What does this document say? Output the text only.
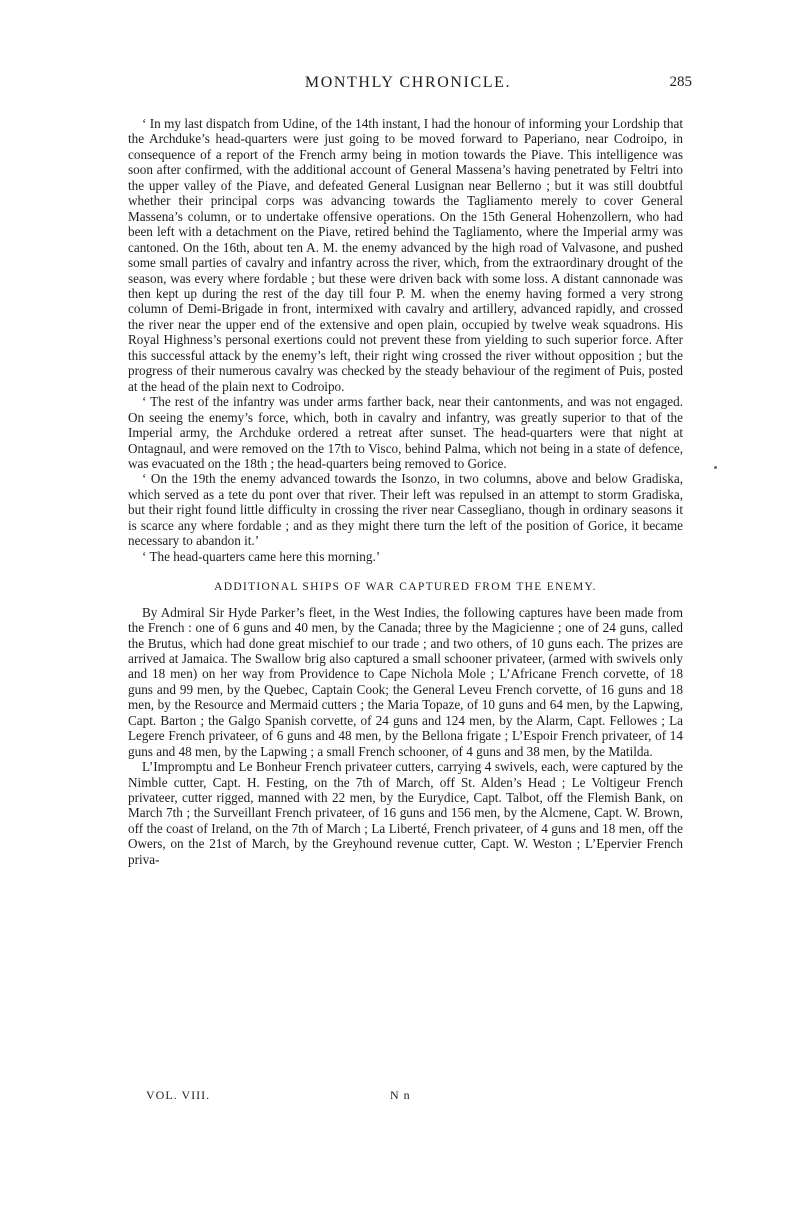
MONTHLY CHRONICLE.	285

‘ In my last dispatch from Udine, of the 14th instant, I had the honour of informing your Lordship that the Archduke’s head-quarters were just going to be moved forward to Paperiano, near Codroipo, in consequence of a report of the French army being in motion towards the Piave. This intelligence was soon after confirmed, with the additional account of General Massena’s having penetrated by Feltri into the upper valley of the Piave, and defeated General Lusignan near Bellerno ; but it was still doubtful whether their principal corps was advancing towards the Tagliamento merely to cover General Massena’s column, or to undertake offensive operations. On the 15th General Hohenzollern, who had been left with a detachment on the Piave, retired behind the Tagliamento, where the Imperial army was cantoned. On the 16th, about ten A. M. the enemy advanced by the high road of Valvasone, and pushed some small parties of cavalry and infantry across the river, which, from the extraordinary drought of the season, was every where fordable ; but these were driven back with some loss. A distant cannonade was then kept up during the rest of the day till four P. M. when the enemy having formed a very strong column of Demi-Brigade in front, intermixed with cavalry and artillery, advanced rapidly, and crossed the river near the upper end of the extensive and open plain, occupied by twelve weak squadrons. His Royal Highness’s personal exertions could not prevent these from yielding to such superior force. After this successful attack by the enemy’s left, their right wing crossed the river without opposition ; but the progress of their numerous cavalry was checked by the steady behaviour of the regiment of Puis, posted at the head of the plain next to Codroipo.

‘ The rest of the infantry was under arms farther back, near their cantonments, and was not engaged. On seeing the enemy’s force, which, both in cavalry and infantry, was greatly superior to that of the Imperial army, the Archduke ordered a retreat after sunset. The head-quarters were that night at Ontagnaul, and were removed on the 17th to Visco, behind Palma, which not being in a state of defence, was evacuated on the 18th ; the head-quarters being removed to Gorice.

‘ On the 19th the enemy advanced towards the Isonzo, in two columns, above and below Gradiska, which served as a tete du pont over that river. Their left was repulsed in an attempt to storm Gradiska, but their right found little difficulty in crossing the river near Cassegliano, though in ordinary seasons it is scarce any where fordable ; and as they might there turn the left of the position of Gorice, it became necessary to abandon it.’

‘ The head-quarters came here this morning.’

ADDITIONAL SHIPS OF WAR CAPTURED FROM THE ENEMY.

By Admiral Sir Hyde Parker’s fleet, in the West Indies, the following captures have been made from the French : one of 6 guns and 40 men, by the Canada; three by the Magicienne ; one of 24 guns, called the Brutus, which had done great mischief to our trade ; and two others, of 10 guns each. The prizes are arrived at Jamaica. The Swallow brig also captured a small schooner privateer, (armed with swivels only and 18 men) on her way from Providence to Cape Nichola Mole ; L’Africane French corvette, of 18 guns and 99 men, by the Quebec, Captain Cook; the General Leveu French corvette, of 16 guns and 18 men, by the Resource and Mermaid cutters ; the Maria Topaze, of 10 guns and 64 men, by the Lapwing, Capt. Barton ; the Galgo Spanish corvette, of 24 guns and 124 men, by the Alarm, Capt. Fellowes ; La Legere French privateer, of 6 guns and 48 men, by the Bellona frigate ; L’Espoir French privateer, of 14 guns and 48 men, by the Lapwing ; a small French schooner, of 4 guns and 38 men, by the Matilda.

L’Impromptu and Le Bonheur French privateer cutters, carrying 4 swivels, each, were captured by the Nimble cutter, Capt. H. Festing, on the 7th of March, off St. Alden’s Head ; Le Voltigeur French privateer, cutter rigged, manned with 22 men, by the Eurydice, Capt. Talbot, off the Flemish Bank, on March 7th ; the Surveillant French privateer, of 16 guns and 156 men, by the Alcmene, Capt. W. Brown, off the coast of Ireland, on the 7th of March ; La Liberté, French privateer, of 4 guns and 18 men, off the Owers, on the 21st of March, by the Greyhound revenue cutter, Capt. W. Weston ; L’Epervier French priva-

VOL. VIII.	N n
